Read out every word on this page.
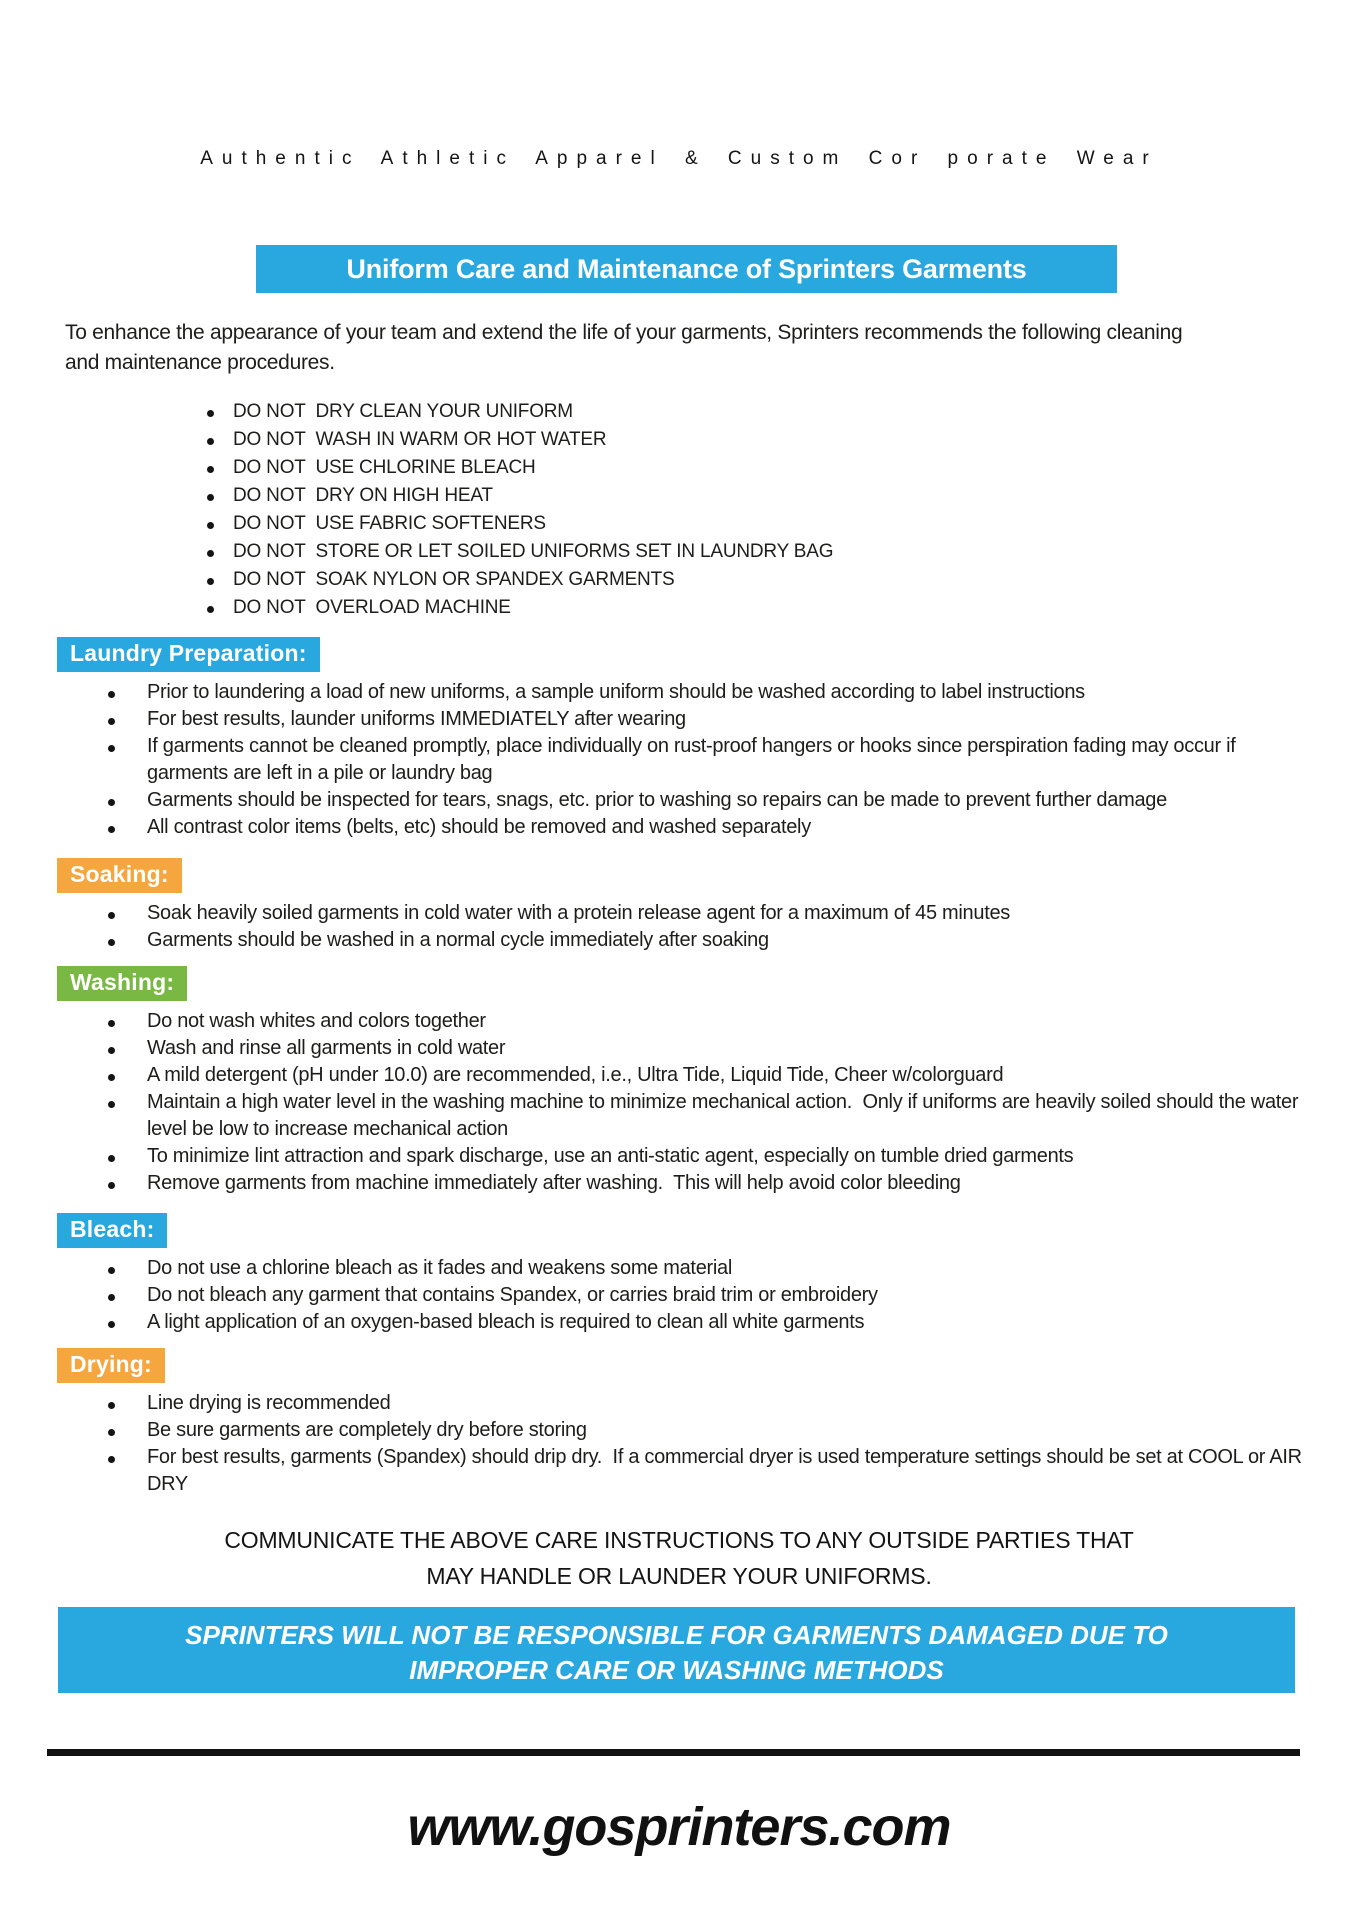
Authentic Athletic Apparel & Custom Cor porate Wear
Uniform Care and Maintenance of Sprinters Garments
To enhance the appearance of your team and extend the life of your garments, Sprinters recommends the following cleaning
and maintenance procedures.
DO NOT  DRY CLEAN YOUR UNIFORM
DO NOT  WASH IN WARM OR HOT WATER
DO NOT  USE CHLORINE BLEACH
DO NOT  DRY ON HIGH HEAT
DO NOT  USE FABRIC SOFTENERS
DO NOT  STORE OR LET SOILED UNIFORMS SET IN LAUNDRY BAG
DO NOT  SOAK NYLON OR SPANDEX GARMENTS
DO NOT  OVERLOAD MACHINE
Laundry Preparation:
Prior to laundering a load of new uniforms, a sample uniform should be washed according to label instructions
For best results, launder uniforms IMMEDIATELY after wearing
If garments cannot be cleaned promptly, place individually on rust-proof hangers or hooks since perspiration fading may occur if garments are left in a pile or laundry bag
Garments should be inspected for tears, snags, etc. prior to washing so repairs can be made to prevent further damage
All contrast color items (belts, etc) should be removed and washed separately
Soaking:
Soak heavily soiled garments in cold water with a protein release agent for a maximum of 45 minutes
Garments should be washed in a normal cycle immediately after soaking
Washing:
Do not wash whites and colors together
Wash and rinse all garments in cold water
A mild detergent (pH under 10.0) are recommended, i.e., Ultra Tide, Liquid Tide, Cheer w/colorguard
Maintain a high water level in the washing machine to minimize mechanical action.  Only if uniforms are heavily soiled should the water level be low to increase mechanical action
To minimize lint attraction and spark discharge, use an anti-static agent, especially on tumble dried garments
Remove garments from machine immediately after washing.  This will help avoid color bleeding
Bleach:
Do not use a chlorine bleach as it fades and weakens some material
Do not bleach any garment that contains Spandex, or carries braid trim or embroidery
A light application of an oxygen-based bleach is required to clean all white garments
Drying:
Line drying is recommended
Be sure garments are completely dry before storing
For best results, garments (Spandex) should drip dry.  If a commercial dryer is used temperature settings should be set at COOL or AIR DRY
COMMUNICATE THE ABOVE CARE INSTRUCTIONS TO ANY OUTSIDE PARTIES THAT
MAY HANDLE OR LAUNDER YOUR UNIFORMS.
SPRINTERS WILL NOT BE RESPONSIBLE FOR GARMENTS DAMAGED DUE TO
IMPROPER CARE OR WASHING METHODS
www.gosprinters.com
